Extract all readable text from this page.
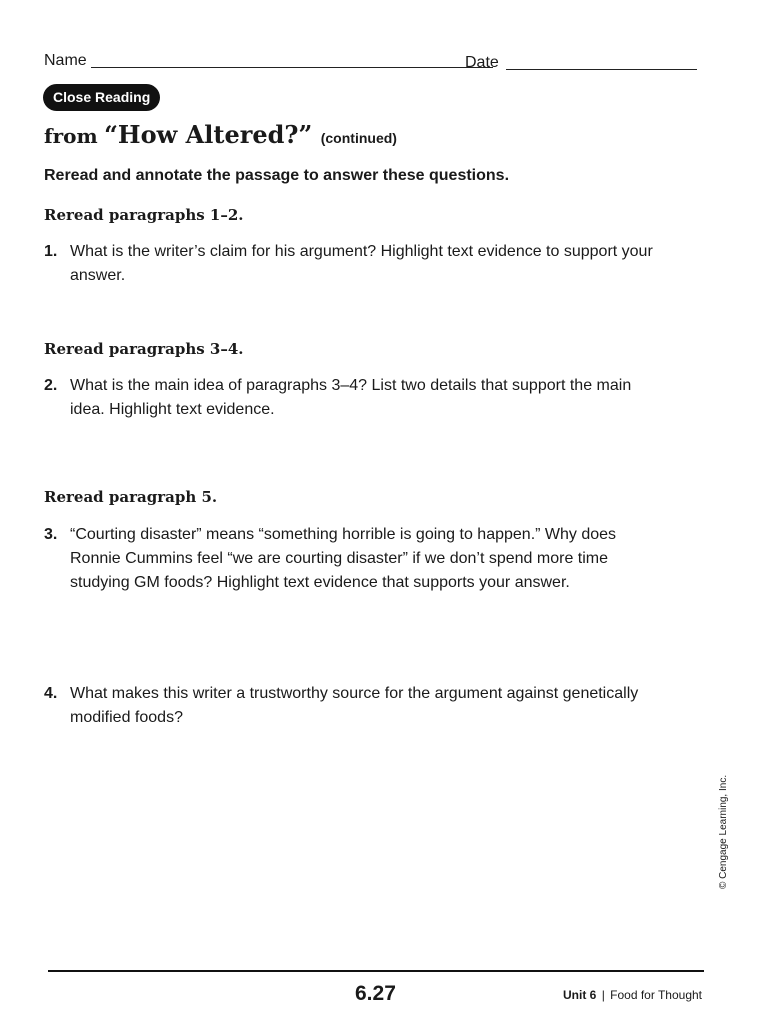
Name	Date
Close Reading
from “How Altered?” (continued)
Reread and annotate the passage to answer these questions.
Reread paragraphs 1–2.
1. What is the writer’s claim for his argument? Highlight text evidence to support your answer.
Reread paragraphs 3–4.
2. What is the main idea of paragraphs 3–4? List two details that support the main idea. Highlight text evidence.
Reread paragraph 5.
3. “Courting disaster” means “something horrible is going to happen.” Why does Ronnie Cummins feel “we are courting disaster” if we don’t spend more time studying GM foods? Highlight text evidence that supports your answer.
4. What makes this writer a trustworthy source for the argument against genetically modified foods?
© Cengage Learning, Inc.
6.27	Unit 6 | Food for Thought
